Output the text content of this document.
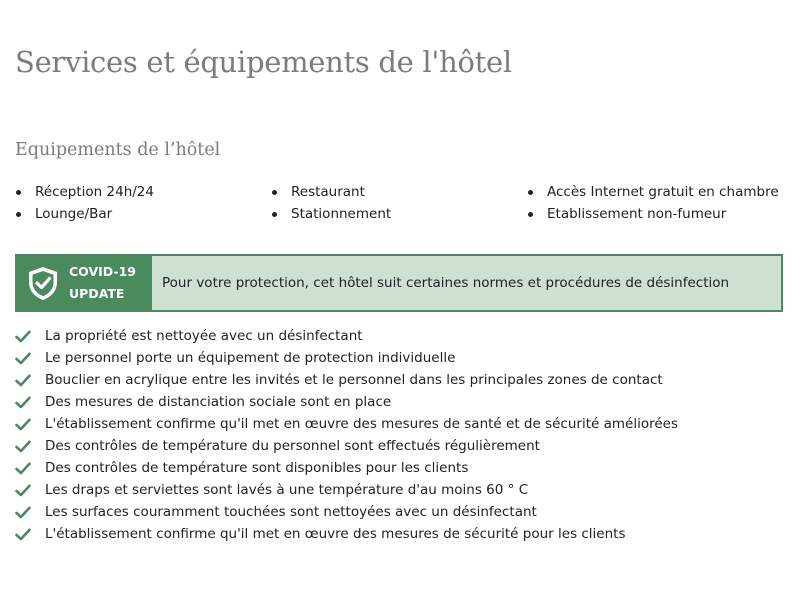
Services et équipements de l'hôtel
Equipements de l’hôtel
Réception 24h/24	Restaurant	Accès Internet gratuit en chambre
Lounge/Bar	Stationnement	Etablissement non-fumeur
COVID-19
UPDATE
Pour votre protection, cet hôtel suit certaines normes et procédures de désinfection
La propriété est nettoyée avec un désinfectant
Le personnel porte un équipement de protection individuelle
Bouclier en acrylique entre les invités et le personnel dans les principales zones de contact
Des mesures de distanciation sociale sont en place
L'établissement confirme qu'il met en œuvre des mesures de santé et de sécurité améliorées
Des contrôles de température du personnel sont effectués régulièrement
Des contrôles de température sont disponibles pour les clients
Les draps et serviettes sont lavés à une température d'au moins 60 ° C
Les surfaces couramment touchées sont nettoyées avec un désinfectant
L'établissement confirme qu'il met en œuvre des mesures de sécurité pour les clients
